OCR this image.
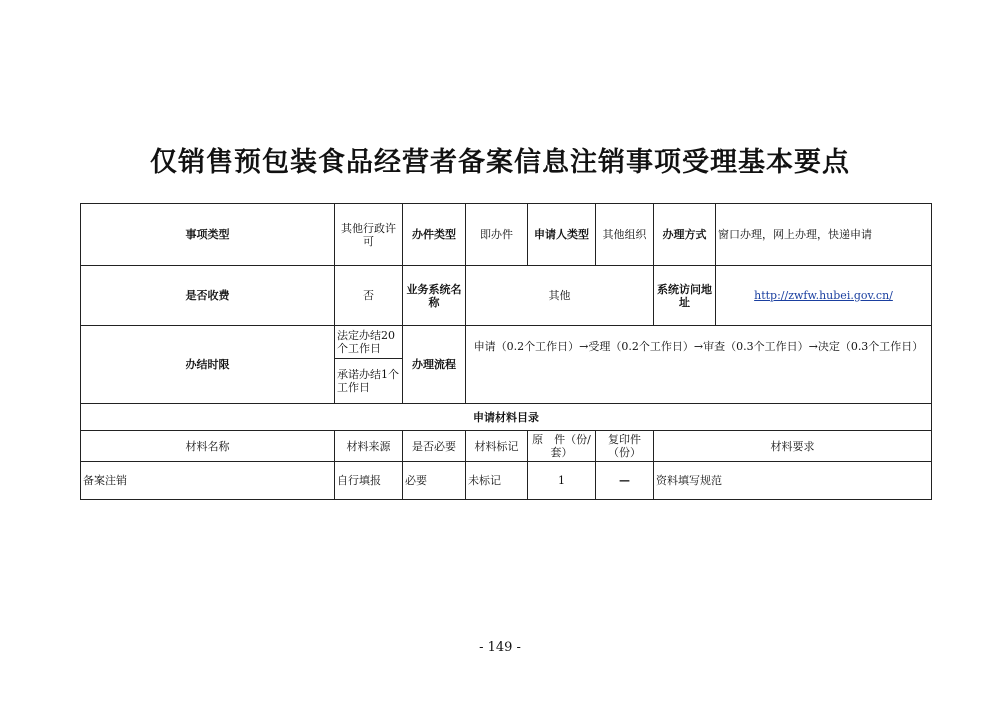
仅销售预包装食品经营者备案信息注销事项受理基本要点
事项类型	其他行政许可	办件类型	即办件	申请人类型	其他组织	办理方式	窗口办理，网上办理，快递申请
是否收费	否	业务系统名称	其他			系统访问地址	http://zwfw.hubei.gov.cn/
办结时限	法定办结20个工作日	办理流程	申请（0.2个工作日）→受理（0.2个工作日）→审查（0.3个工作日）→决定（0.3个工作日）				
	承诺办结1个工作日						
申请材料目录							
材料名称	材料来源	是否必要	材料标记	原　件（份/套）	复印件（份）	材料要求	
备案注销	自行填报	必要	未标记	1	—	资料填写规范	
- 149 -
